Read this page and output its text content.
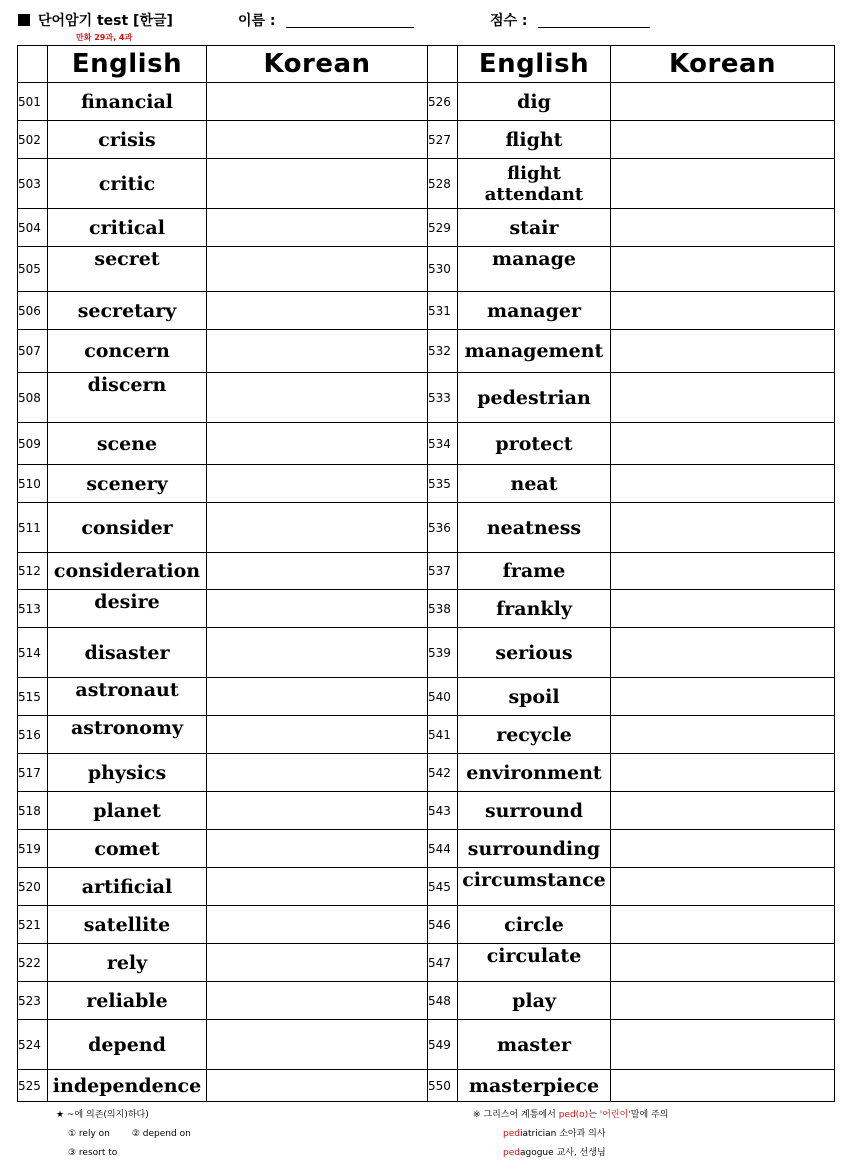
단어암기 test [한글]	이름 :	점수 :
만화 29과, 4과
	English	Korean		English	Korean
501	financial		526	dig	
502	crisis		527	flight	
503	critic		528	flight attendant	
504	critical		529	stair	
505	secret		530	manage	
506	secretary		531	manager	
507	concern		532	management	
508	discern		533	pedestrian	
509	scene		534	protect	
510	scenery		535	neat	
511	consider		536	neatness	
512	consideration		537	frame	
513	desire		538	frankly	
514	disaster		539	serious	
515	astronaut		540	spoil	
516	astronomy		541	recycle	
517	physics		542	environment	
518	planet		543	surround	
519	comet		544	surrounding	
520	artificial		545	circumstance	
521	satellite		546	circle	
522	rely		547	circulate	
523	reliable		548	play	
524	depend		549	master	
525	independence		550	masterpiece	
★ ~에 의존(의지)하다)
① rely on ② depend on
③ resort to
※ 그리스어 계통에서 ped(o)는 '어린이'말에 주의
pediatrician 소아과 의사
pedagogue 교사, 선생님
